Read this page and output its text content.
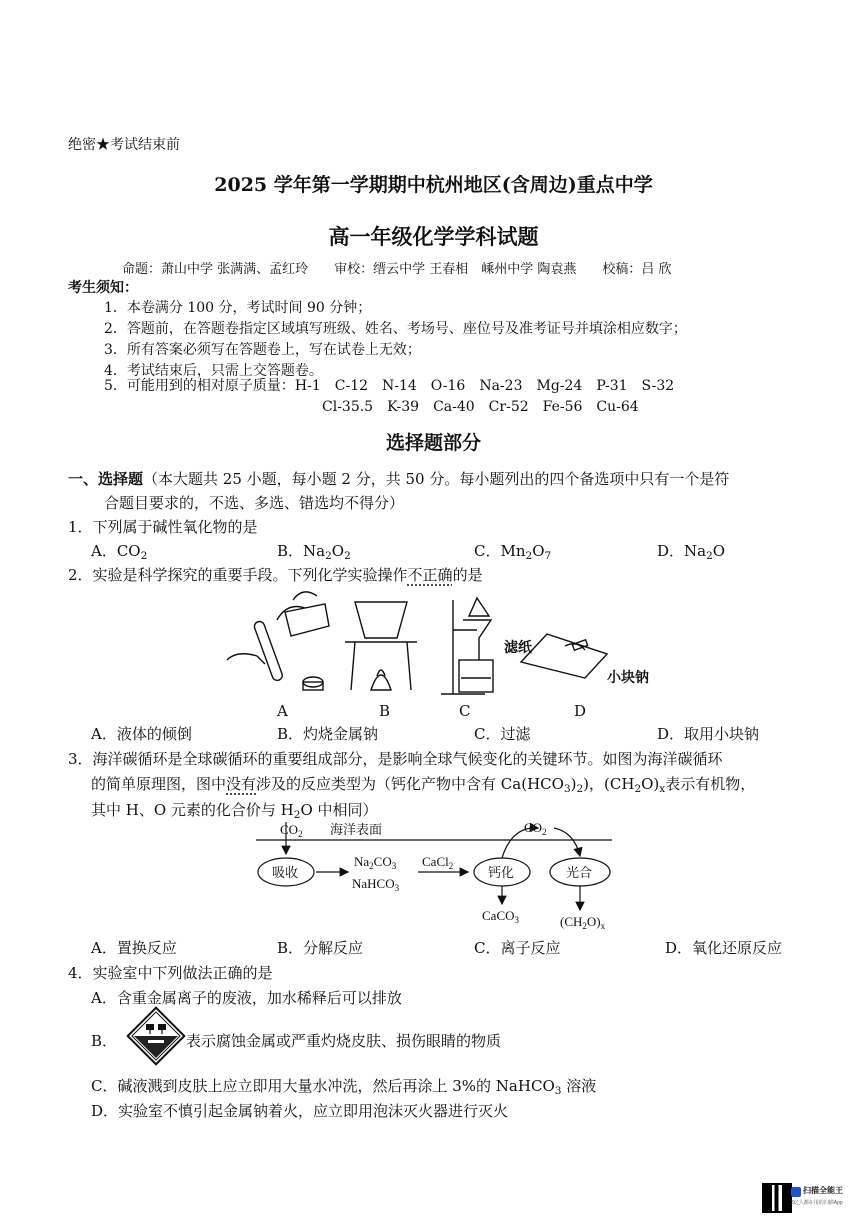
绝密★考试结束前
2025 学年第一学期期中杭州地区(含周边)重点中学
高一年级化学学科试题
命题：萧山中学 张满满、孟红玲　　审校：缙云中学 王春相　嵊州中学 陶袁燕　　校稿：吕 欣
考生须知：
1．本卷满分 100 分，考试时间 90 分钟；
2．答题前，在答题卷指定区域填写班级、姓名、考场号、座位号及准考证号并填涂相应数字；
3．所有答案必须写在答题卷上，写在试卷上无效；
4．考试结束后，只需上交答题卷。
5．可能用到的相对原子质量：H-1　C-12　N-14　O-16　Na-23　Mg-24　P-31　S-32
Cl-35.5　K-39　Ca-40　Cr-52　Fe-56　Cu-64
选择题部分
一、选择题（本大题共 25 小题，每小题 2 分，共 50 分。每小题列出的四个备选项中只有一个是符
合题目要求的，不选、多选、错选均不得分）
1．下列属于碱性氧化物的是
A．$CO_2$	B．$Na_2O_2$	C．$Mn_2O_7$	D．$Na_2O$
2．实验是科学探究的重要手段。下列化学实验操作不正确的是
滤纸
小块钠
A	B	C	D
A．液体的倾倒	B．灼烧金属钠	C．过滤	D．取用小块钠
3．海洋碳循环是全球碳循环的重要组成部分，是影响全球气候变化的关键环节。如图为海洋碳循环
的简单原理图，图中没有涉及的反应类型为（钙化产物中含有 $Ca(HCO_3)_2$)，$(CH_2O)_x$表示有机物，
其中 H、O 元素的化合价与 $H_2O$ 中相同）
$CO_2$ 海洋表面
吸收
$Na_2CO_3$
NaHCO$_3$
CaCl$_2$	钙化	光合
$CO_2$
CaCO$_3$	$(CH_2O)_x$
A．置换反应	B．分解反应	C．离子反应	D．氧化还原反应
4．实验室中下列做法正确的是
A．含重金属离子的废液，加水稀释后可以排放
B．	表示腐蚀金属或严重灼烧皮肤、损伤眼睛的物质
C．碱液溅到皮肤上应立即用大量水冲洗，然后再涂上 3%的 NaHCO$_3$ 溶液
D．实验室不慎引起金属钠着火，应立即用泡沫灭火器进行灭火
扫描全能王
3亿人都在用的扫描App
